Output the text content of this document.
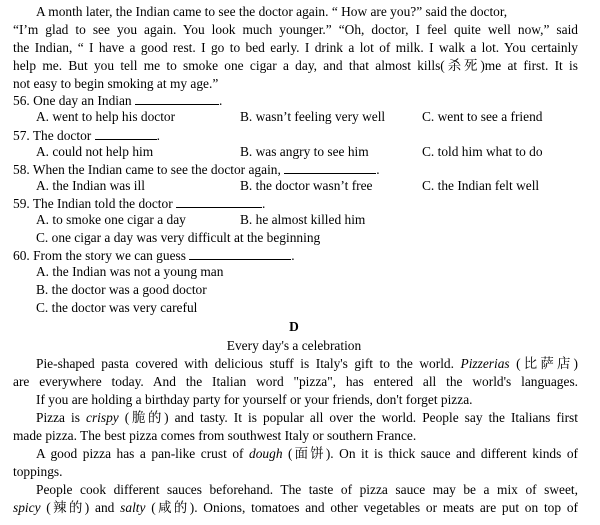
A month later, the Indian came to see the doctor again. “ How are you?” said the doctor,
“I’m glad to see you again. You look much younger.” “Oh, doctor, I feel quite well now,” said
the Indian, “ I have a good rest. I go to bed early. I drink a lot of milk. I walk a lot. You certainly
help me. But you tell me to smoke one cigar a day, and that almost kills(杀死)me at first. It is
not easy to begin smoking at my age.”
56. One day an Indian	.
A. went to help his doctor	B. wasn’t feeling very well	C. went to see a friend
57. The doctor	.
A. could not help him	B. was angry to see him	C. told him what to do
58. When the Indian came to see the doctor again,	.
A. the Indian was ill	B. the doctor wasn’t free	C. the Indian felt well
59. The Indian told the doctor	.
A. to smoke one cigar a day	B. he almost killed him
C. one cigar a day was very difficult at the beginning
60. From the story we can guess	.
A. the Indian was not a young man
B. the doctor was a good doctor
C. the doctor was very careful
D
Every day's a celebration
Pie-shaped pasta covered with delicious stuff is Italy's gift to the world. Pizzerias (比萨店)
are everywhere today. And the Italian word "pizza", has entered all the world's languages.
If you are holding a birthday party for yourself or your friends, don't forget pizza.
Pizza is crispy (脆的) and tasty. It is popular all over the world. People say the Italians first
made pizza. The best pizza comes from southwest Italy or southern France.
A good pizza has a pan-like crust of dough (面饼). On it is thick sauce and different kinds of
toppings.
People cook different sauces beforehand. The taste of pizza sauce may be a mix of sweet,
spicy (辣的) and salty (咸的). Onions, tomatoes and other vegetables or meats are put on top of
